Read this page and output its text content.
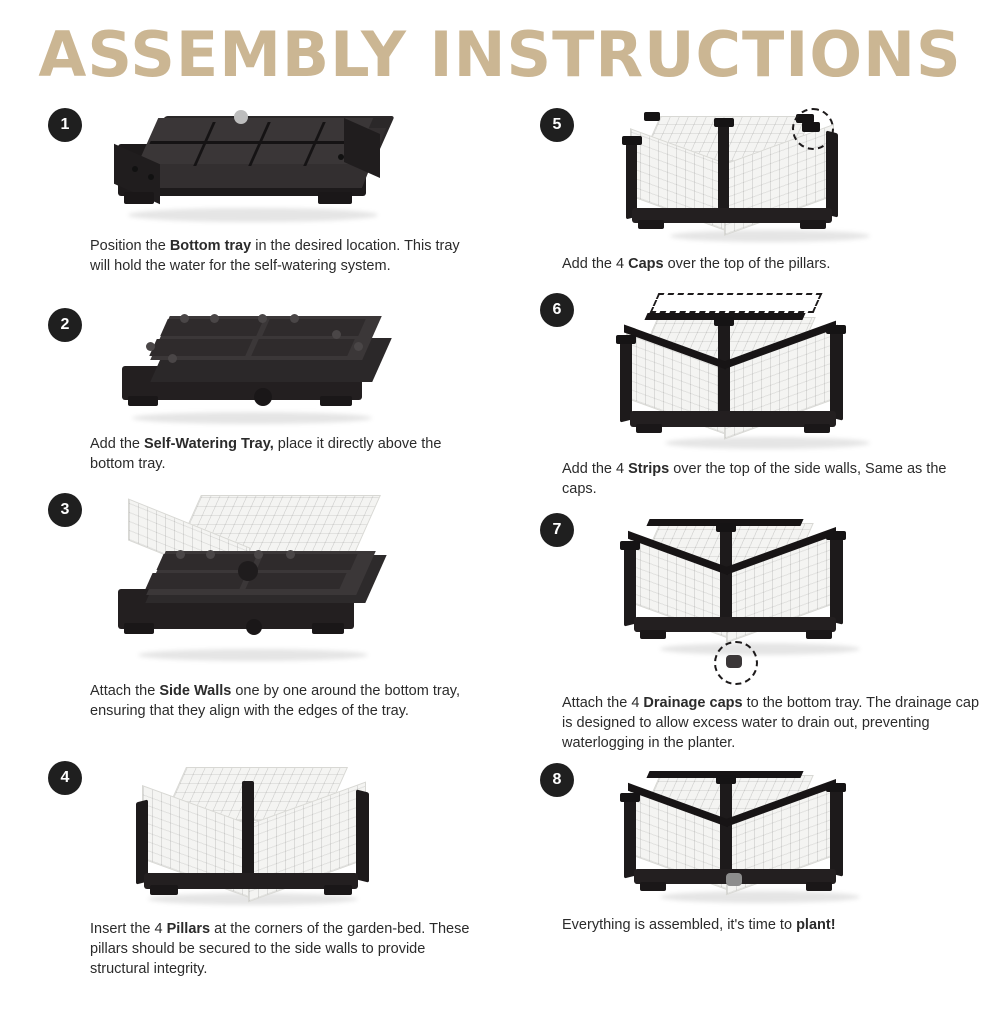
ASSEMBLY INSTRUCTIONS
1
Position the Bottom tray in the desired location. This tray will hold the water for the self-watering system.
2
Add the Self-Watering Tray, place it directly above the bottom tray.
3
Attach the Side Walls one by one around the bottom tray, ensuring that they align with the edges of the tray.
4
Insert the 4 Pillars at the corners of the garden-bed. These pillars should be secured to the side walls to provide structural integrity.
5
Add the 4 Caps over the top of the pillars.
6
Add the 4 Strips over the top of the side walls, Same as the caps.
7
Attach the 4 Drainage caps to the bottom tray. The drainage cap is designed to allow excess water to drain out, preventing waterlogging in the planter.
8
Everything is assembled, it's time to plant!
